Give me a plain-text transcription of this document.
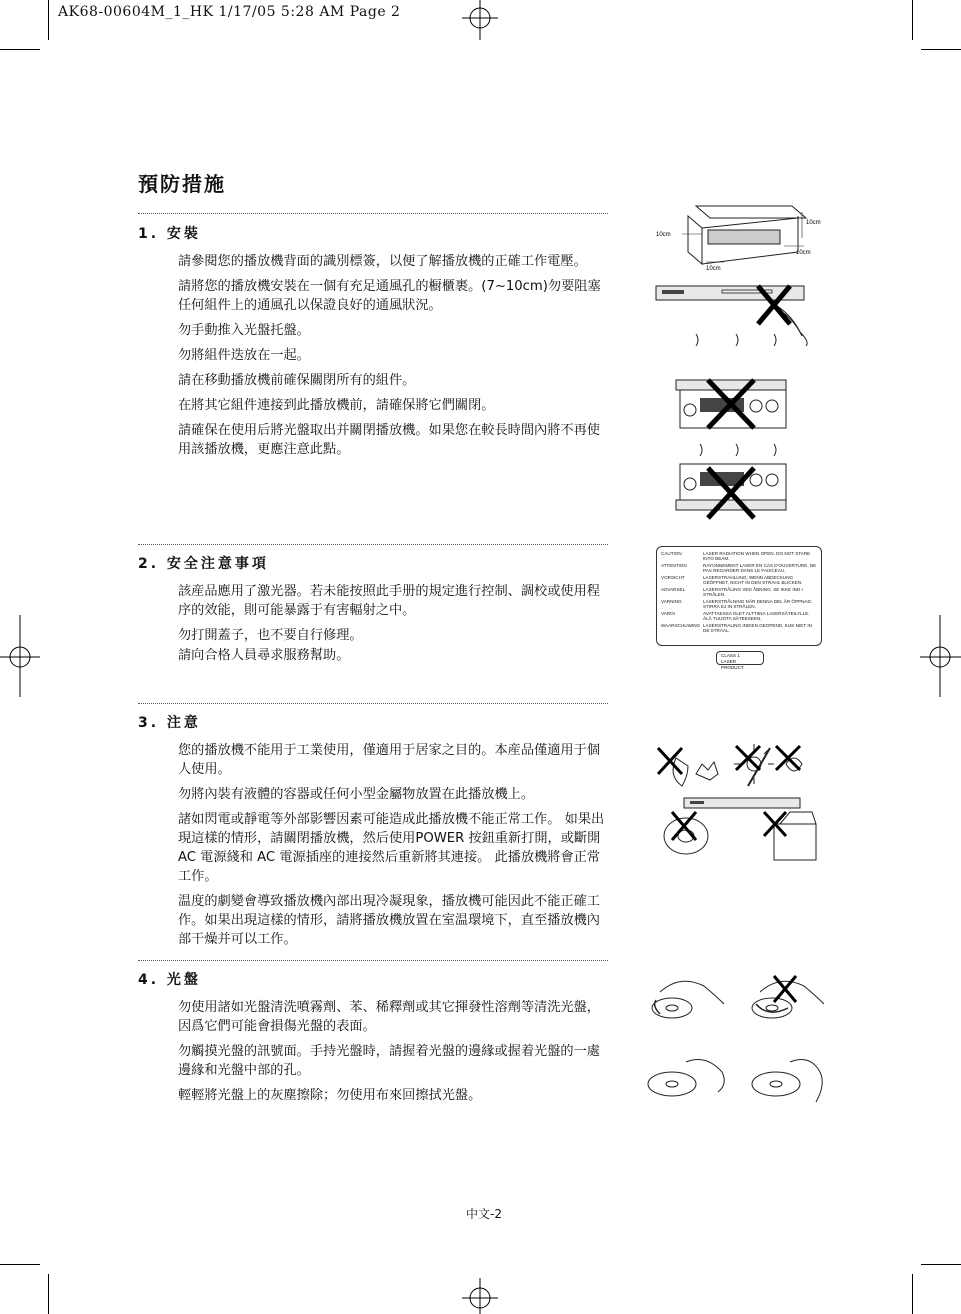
AK68-00604M_1_HK 1/17/05 5:28 AM Page 2
預防措施
1. 安裝

請參閱您的播放機背面的識別標簽，以便了解播放機的正確工作電壓。

請將您的播放機安裝在一個有充足通風孔的橱櫃裹。(7~10cm)勿要阻塞任何組件上的通風孔以保證良好的通風狀況。

勿手動推入光盤托盤。

勿將組件迭放在一起。

請在移動播放機前確保關閉所有的組件。

在將其它組件連接到此播放機前，請確保將它們關閉。

請確保在使用后將光盤取出并關閉播放機。如果您在較長時間內將不再使用該播放機，更應注意此點。

2. 安全注意事項

該産品應用了激光器。若未能按照此手册的規定進行控制、調校或使用程序的效能，則可能暴露于有害輻射之中。

勿打開蓋子，也不要自行修理。

請向合格人員尋求服務幫助。

3. 注意

您的播放機不能用于工業使用，僅適用于居家之目的。本産品僅適用于個人使用。

勿將內裝有液體的容器或任何小型金屬物放置在此播放機上。

諸如閃電或靜電等外部影響因素可能造成此播放機不能正常工作。 如果出現這樣的情形，請關閉播放機，然后使用POWER 按鈕重新打開，或斷開 AC 電源綫和 AC 電源插座的連接然后重新將其連接。 此播放機將會正常工作。

温度的劇變會導致播放機內部出現冷凝現象，播放機可能因此不能正確工作。如果出現這樣的情形，請將播放機放置在室温環境下，直至播放機內部干燥并可以工作。

4. 光盤

勿使用諸如光盤清洗噴霧劑、苯、稀釋劑或其它揮發性溶劑等清洗光盤，因爲它們可能會損傷光盤的表面。

勿觸摸光盤的訊號面。手持光盤時，請握着光盤的邊緣或握着光盤的一處邊緣和光盤中部的孔。

輕輕將光盤上的灰塵擦除；勿使用布來回擦拭光盤。

10cm
10cm
10cm
10cm
CAUTION	LASER RADIATION WHEN OPEN. DO NOT STARE INTO BEAM.
ATTENTION	RAYONNEMENT LASER EN CAS D'OUVERTURE. NE PAS REGARDER DANS LE FAISCEAU.
VORSICHT	LASERSTRAHLUNG, WENN ABDECKUNG GEÖFFNET, NICHT IN DEN STRAHL BLICKEN.
ADVARSEL	LASERSTRÅLING VED ÅBNING. SE IKKE IND I STRÅLEN.
VARNING	LASERSTRÅLNING NÄR DENNA DEL ÄR ÖPPNAD. STIRRA EJ IN STRÅLEN.
VARO!	AVATTAESSA OLET ALTTIINA LASERSÄTEILYLLE. ÄLÄ TUIJOTA SÄTEESEEN.
WAARSCHUWING LASERSTRALING INDIEN GEOPEND. KIJK NIET IN DE STRAAL.
CLASS 1
LASER PRODUCT
中文-2
